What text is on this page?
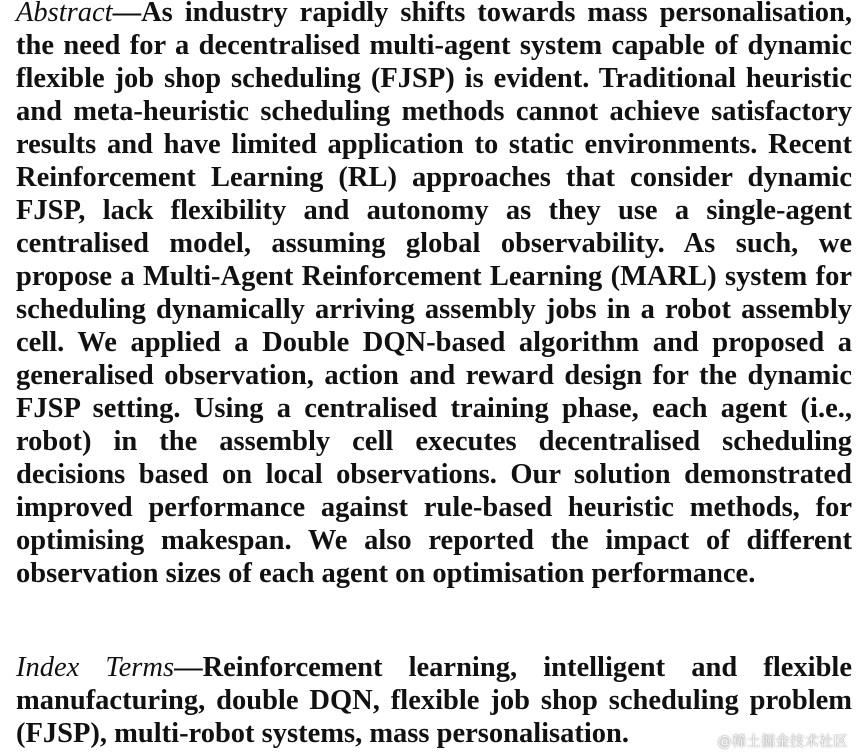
Abstract—As industry rapidly shifts towards mass personalisation, the need for a decentralised multi-agent system capable of dynamic flexible job shop scheduling (FJSP) is evident. Traditional heuristic and meta-heuristic scheduling methods cannot achieve satisfactory results and have limited application to static environments. Recent Reinforcement Learning (RL) approaches that consider dynamic FJSP, lack flexibility and autonomy as they use a single-agent centralised model, assuming global observability. As such, we propose a Multi-Agent Reinforcement Learning (MARL) system for scheduling dynamically arriving assembly jobs in a robot assembly cell. We applied a Double DQN-based algorithm and proposed a generalised observation, action and reward design for the dynamic FJSP setting. Using a centralised training phase, each agent (i.e., robot) in the assembly cell executes decentralised scheduling decisions based on local observations. Our solution demonstrated improved performance against rule-based heuristic methods, for optimising makespan. We also reported the impact of different observation sizes of each agent on optimisation performance.

Index Terms—Reinforcement learning, intelligent and flexible manufacturing, double DQN, flexible job shop scheduling problem (FJSP), multi-robot systems, mass personalisation.	@稀土掘金技术社区
